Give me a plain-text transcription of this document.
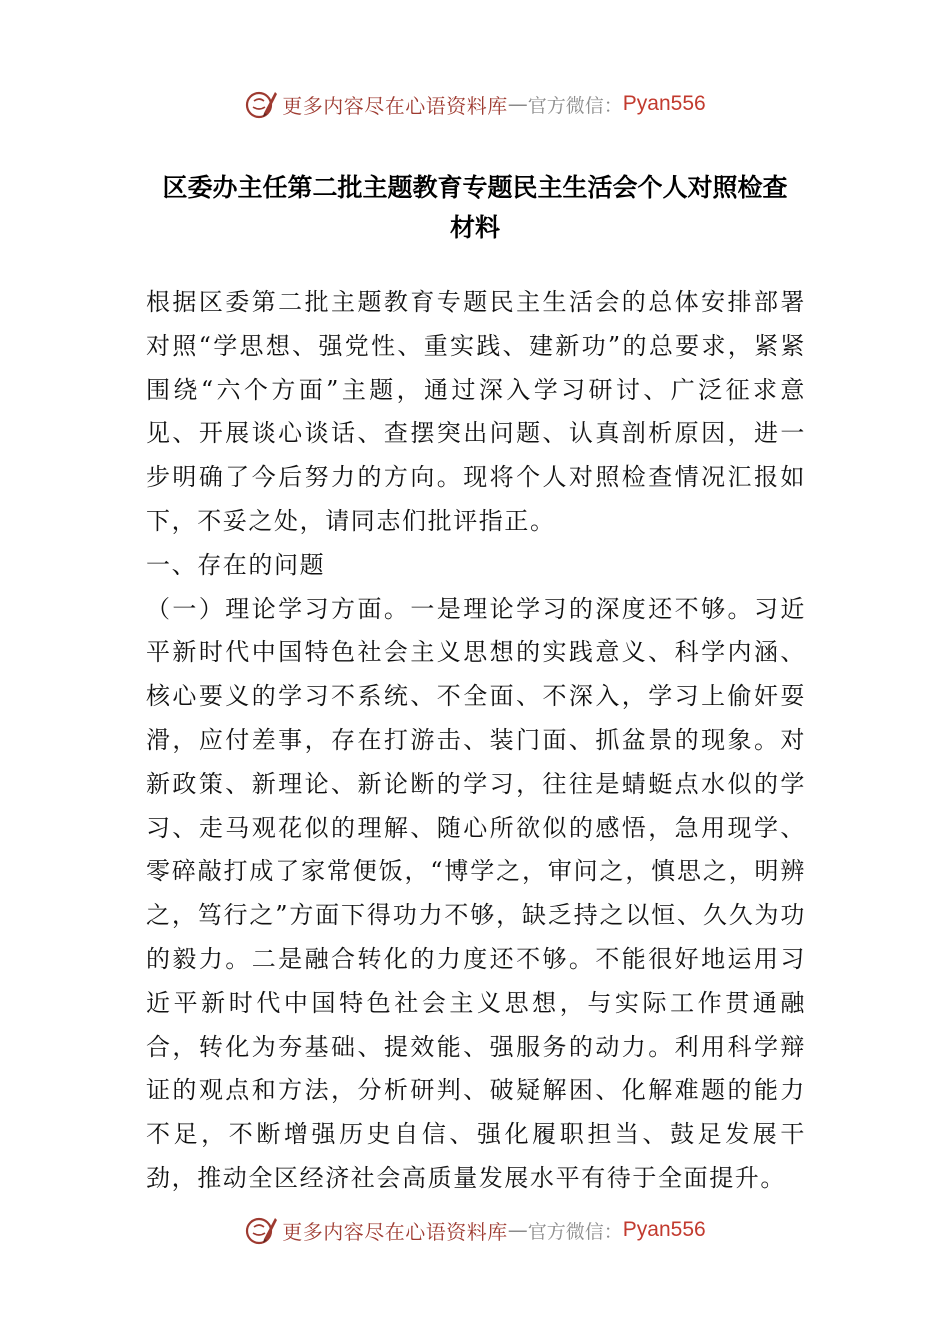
更多内容尽在心语资料库 — 官方微信： Pyan556
区委办主任第二批主题教育专题民主生活会个人对照检查
材料

根据区委第二批主题教育专题民主生活会的总体安排部署对照“学思想、强党性、重实践、建新功”的总要求，紧紧围绕“六个方面”主题，通过深入学习研讨、广泛征求意见、开展谈心谈话、查摆突出问题、认真剖析原因，进一步明确了今后努力的方向。现将个人对照检查情况汇报如下，不妥之处，请同志们批评指正。

一、存在的问题

（一）理论学习方面。一是理论学习的深度还不够。习近平新时代中国特色社会主义思想的实践意义、科学内涵、核心要义的学习不系统、不全面、不深入，学习上偷奸耍滑，应付差事，存在打游击、装门面、抓盆景的现象。对新政策、新理论、新论断的学习，往往是蜻蜓点水似的学习、走马观花似的理解、随心所欲似的感悟，急用现学、零碎敲打成了家常便饭，“博学之，审问之，慎思之，明辨之，笃行之”方面下得功力不够，缺乏持之以恒、久久为功的毅力。二是融合转化的力度还不够。不能很好地运用习近平新时代中国特色社会主义思想，与实际工作贯通融合，转化为夯基础、提效能、强服务的动力。利用科学辩证的观点和方法，分析研判、破疑解困、化解难题的能力不足，不断增强历史自信、强化履职担当、鼓足发展干劲，推动全区经济社会高质量发展水平有待于全面提升。

更多内容尽在心语资料库 — 官方微信： Pyan556
